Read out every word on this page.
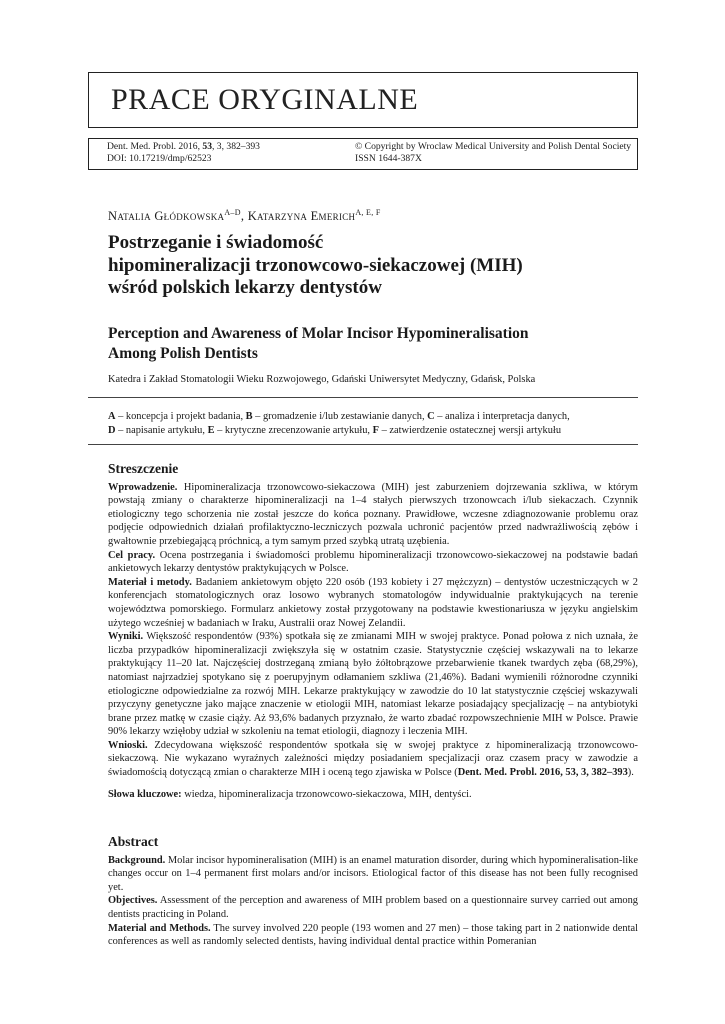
PRACE ORYGINALNE
Dent. Med. Probl. 2016, 53, 3, 382–393
DOI: 10.17219/dmp/62523
© Copyright by Wroclaw Medical University and Polish Dental Society
ISSN 1644-387X
Natalia Głódkowska$^{A-D}$, Katarzyna Emerich$^{A, E, F}$
Postrzeganie i świadomość
hipomineralizacji trzonowcowo-siekaczowej (MIH)
wśród polskich lekarzy dentystów
Perception and Awareness of Molar Incisor Hypomineralisation
Among Polish Dentists
Katedra i Zakład Stomatologii Wieku Rozwojowego, Gdański Uniwersytet Medyczny, Gdańsk, Polska
A – koncepcja i projekt badania, B – gromadzenie i/lub zestawianie danych, C – analiza i interpretacja danych,
D – napisanie artykułu, E – krytyczne zrecenzowanie artykułu, F – zatwierdzenie ostatecznej wersji artykułu
Streszczenie

Wprowadzenie. Hipomineralizacja trzonowcowo-siekaczowa (MIH) jest zaburzeniem dojrzewania szkliwa, w którym powstają zmiany o charakterze hipomineralizacji na 1–4 stałych pierwszych trzonowcach i/lub siekaczach. Czynnik etiologiczny tego schorzenia nie został jeszcze do końca poznany. Prawidłowe, wczesne zdiagnozowanie problemu oraz podjęcie odpowiednich działań profilaktyczno-leczniczych pozwala uchronić pacjentów przed nadwrażliwością zębów i gwałtownie przebiegającą próchnicą, a tym samym przed szybką utratą uzębienia.

Cel pracy. Ocena postrzegania i świadomości problemu hipomineralizacji trzonowcowo-siekaczowej na podstawie badań ankietowych lekarzy dentystów praktykujących w Polsce.

Materiał i metody. Badaniem ankietowym objęto 220 osób (193 kobiety i 27 mężczyzn) – dentystów uczestniczących w 2 konferencjach stomatologicznych oraz losowo wybranych stomatologów indywidualnie praktykujących na terenie województwa pomorskiego. Formularz ankietowy został przygotowany na podstawie kwestionariusza w języku angielskim użytego wcześniej w badaniach w Iraku, Australii oraz Nowej Zelandii.

Wyniki. Większość respondentów (93%) spotkała się ze zmianami MIH w swojej praktyce. Ponad połowa z nich uznała, że liczba przypadków hipomineralizacji zwiększyła się w ostatnim czasie. Statystycznie częściej wskazywali na to lekarze praktykujący 11–20 lat. Najczęściej dostrzeganą zmianą było żółtobrązowe przebarwienie tkanek twardych zęba (68,29%), natomiast najrzadziej spotykano się z poerupyjnym odłamaniem szkliwa (21,46%). Badani wymienili różnorodne czynniki etiologiczne odpowiedzialne za rozwój MIH. Lekarze praktykujący w zawodzie do 10 lat statystycznie częściej wskazywali przyczyny genetyczne jako mające znaczenie w etiologii MIH, natomiast lekarze posiadający specjalizację – na antybiotyki brane przez matkę w czasie ciąży. Aż 93,6% badanych przyznało, że warto zbadać rozpowszechnienie MIH w Polsce. Prawie 90% lekarzy wzięłoby udział w szkoleniu na temat etiologii, diagnozy i leczenia MIH.

Wnioski. Zdecydowana większość respondentów spotkała się w swojej praktyce z hipomineralizacją trzonowcowo-siekaczową. Nie wykazano wyraźnych zależności między posiadaniem specjalizacji oraz czasem pracy w zawodzie a świadomością dotyczącą zmian o charakterze MIH i oceną tego zjawiska w Polsce (Dent. Med. Probl. 2016, 53, 3, 382–393).

Słowa kluczowe: wiedza, hipomineralizacja trzonowcowo-siekaczowa, MIH, dentyści.

Abstract

Background. Molar incisor hypomineralisation (MIH) is an enamel maturation disorder, during which hypomineralisation-like changes occur on 1–4 permanent first molars and/or incisors. Etiological factor of this disease has not been fully recognised yet.

Objectives. Assessment of the perception and awareness of MIH problem based on a questionnaire survey carried out among dentists practicing in Poland.

Material and Methods. The survey involved 220 people (193 women and 27 men) – those taking part in 2 nationwide dental conferences as well as randomly selected dentists, having individual dental practice within Pomeranian
